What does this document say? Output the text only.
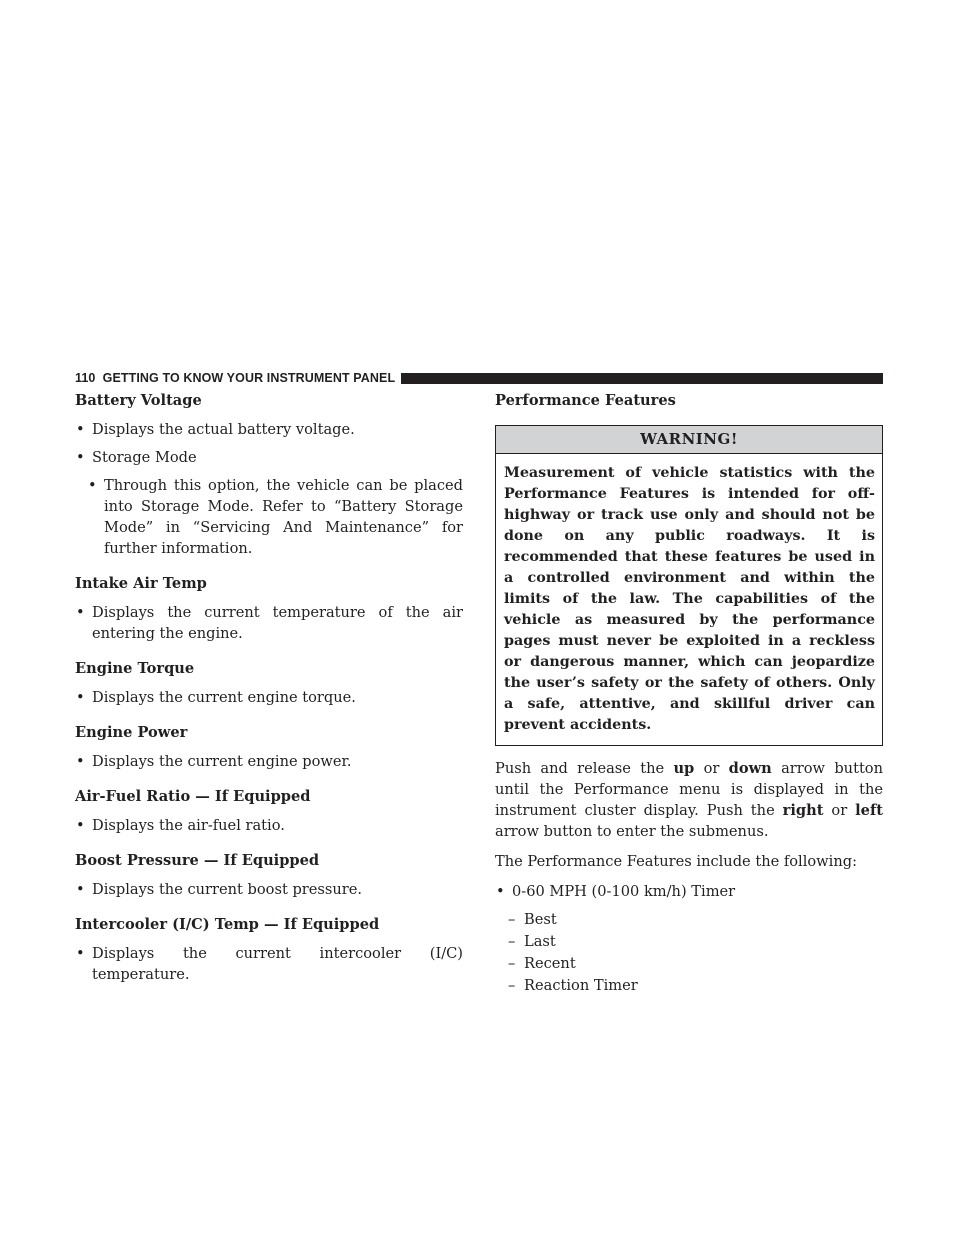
110 GETTING TO KNOW YOUR INSTRUMENT PANEL
Battery Voltage
• Displays the actual battery voltage.
• Storage Mode
• Through this option, the vehicle can be placed into Storage Mode. Refer to “Battery Storage Mode” in “Servicing And Maintenance” for further information.
Intake Air Temp
• Displays the current temperature of the air entering the engine.
Engine Torque
• Displays the current engine torque.
Engine Power
• Displays the current engine power.
Air-Fuel Ratio — If Equipped
• Displays the air-fuel ratio.
Boost Pressure — If Equipped
• Displays the current boost pressure.
Intercooler (I/C) Temp — If Equipped
• Displays the current intercooler (I/C) temperature.
Performance Features
WARNING!
Measurement of vehicle statistics with the Performance Features is intended for off-highway or track use only and should not be done on any public roadways. It is recommended that these features be used in a controlled environment and within the limits of the law. The capabilities of the vehicle as measured by the performance pages must never be exploited in a reckless or dangerous manner, which can jeopardize the user’s safety or the safety of others. Only a safe, attentive, and skillful driver can prevent accidents.
Push and release the up or down arrow button until the Performance menu is displayed in the instrument cluster display. Push the right or left arrow button to enter the submenus.
The Performance Features include the following:
• 0-60 MPH (0-100 km/h) Timer
– Best
– Last
– Recent
– Reaction Timer
